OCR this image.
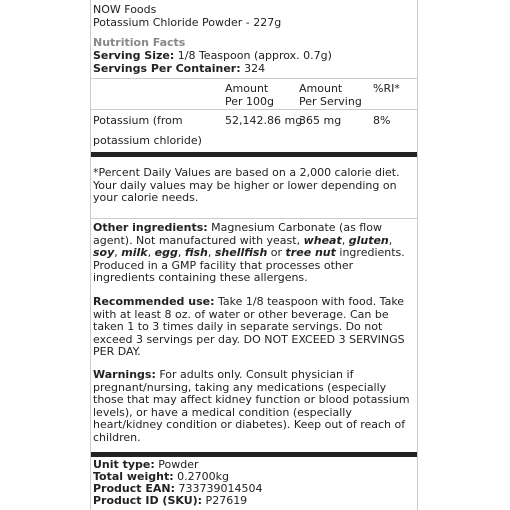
NOW Foods
Potassium Chloride Powder - 227g
Nutrition Facts
Serving Size: 1/8 Teaspoon (approx. 0.7g)
Servings Per Container: 324
Amount
Per 100g
Amount
Per Serving
%RI*
Potassium (from
potassium chloride)
52,142.86 mg
365 mg	8%
*Percent Daily Values are based on a 2,000 calorie diet. Your daily values may be higher or lower depending on your calorie needs.
Other ingredients: Magnesium Carbonate (as flow agent). Not manufactured with yeast, wheat, gluten, soy, milk, egg, fish, shellfish or tree nut ingredients. Produced in a GMP facility that processes other ingredients containing these allergens.
Recommended use: Take 1/8 teaspoon with food. Take with at least 8 oz. of water or other beverage. Can be taken 1 to 3 times daily in separate servings. Do not exceed 3 servings per day. DO NOT EXCEED 3 SERVINGS PER DAY.
Warnings: For adults only. Consult physician if pregnant/nursing, taking any medications (especially those that may affect kidney function or blood potassium levels), or have a medical condition (especially heart/kidney condition or diabetes). Keep out of reach of children.
Unit type: Powder
Total weight: 0.2700kg
Product EAN: 733739014504
Product ID (SKU): P27619
